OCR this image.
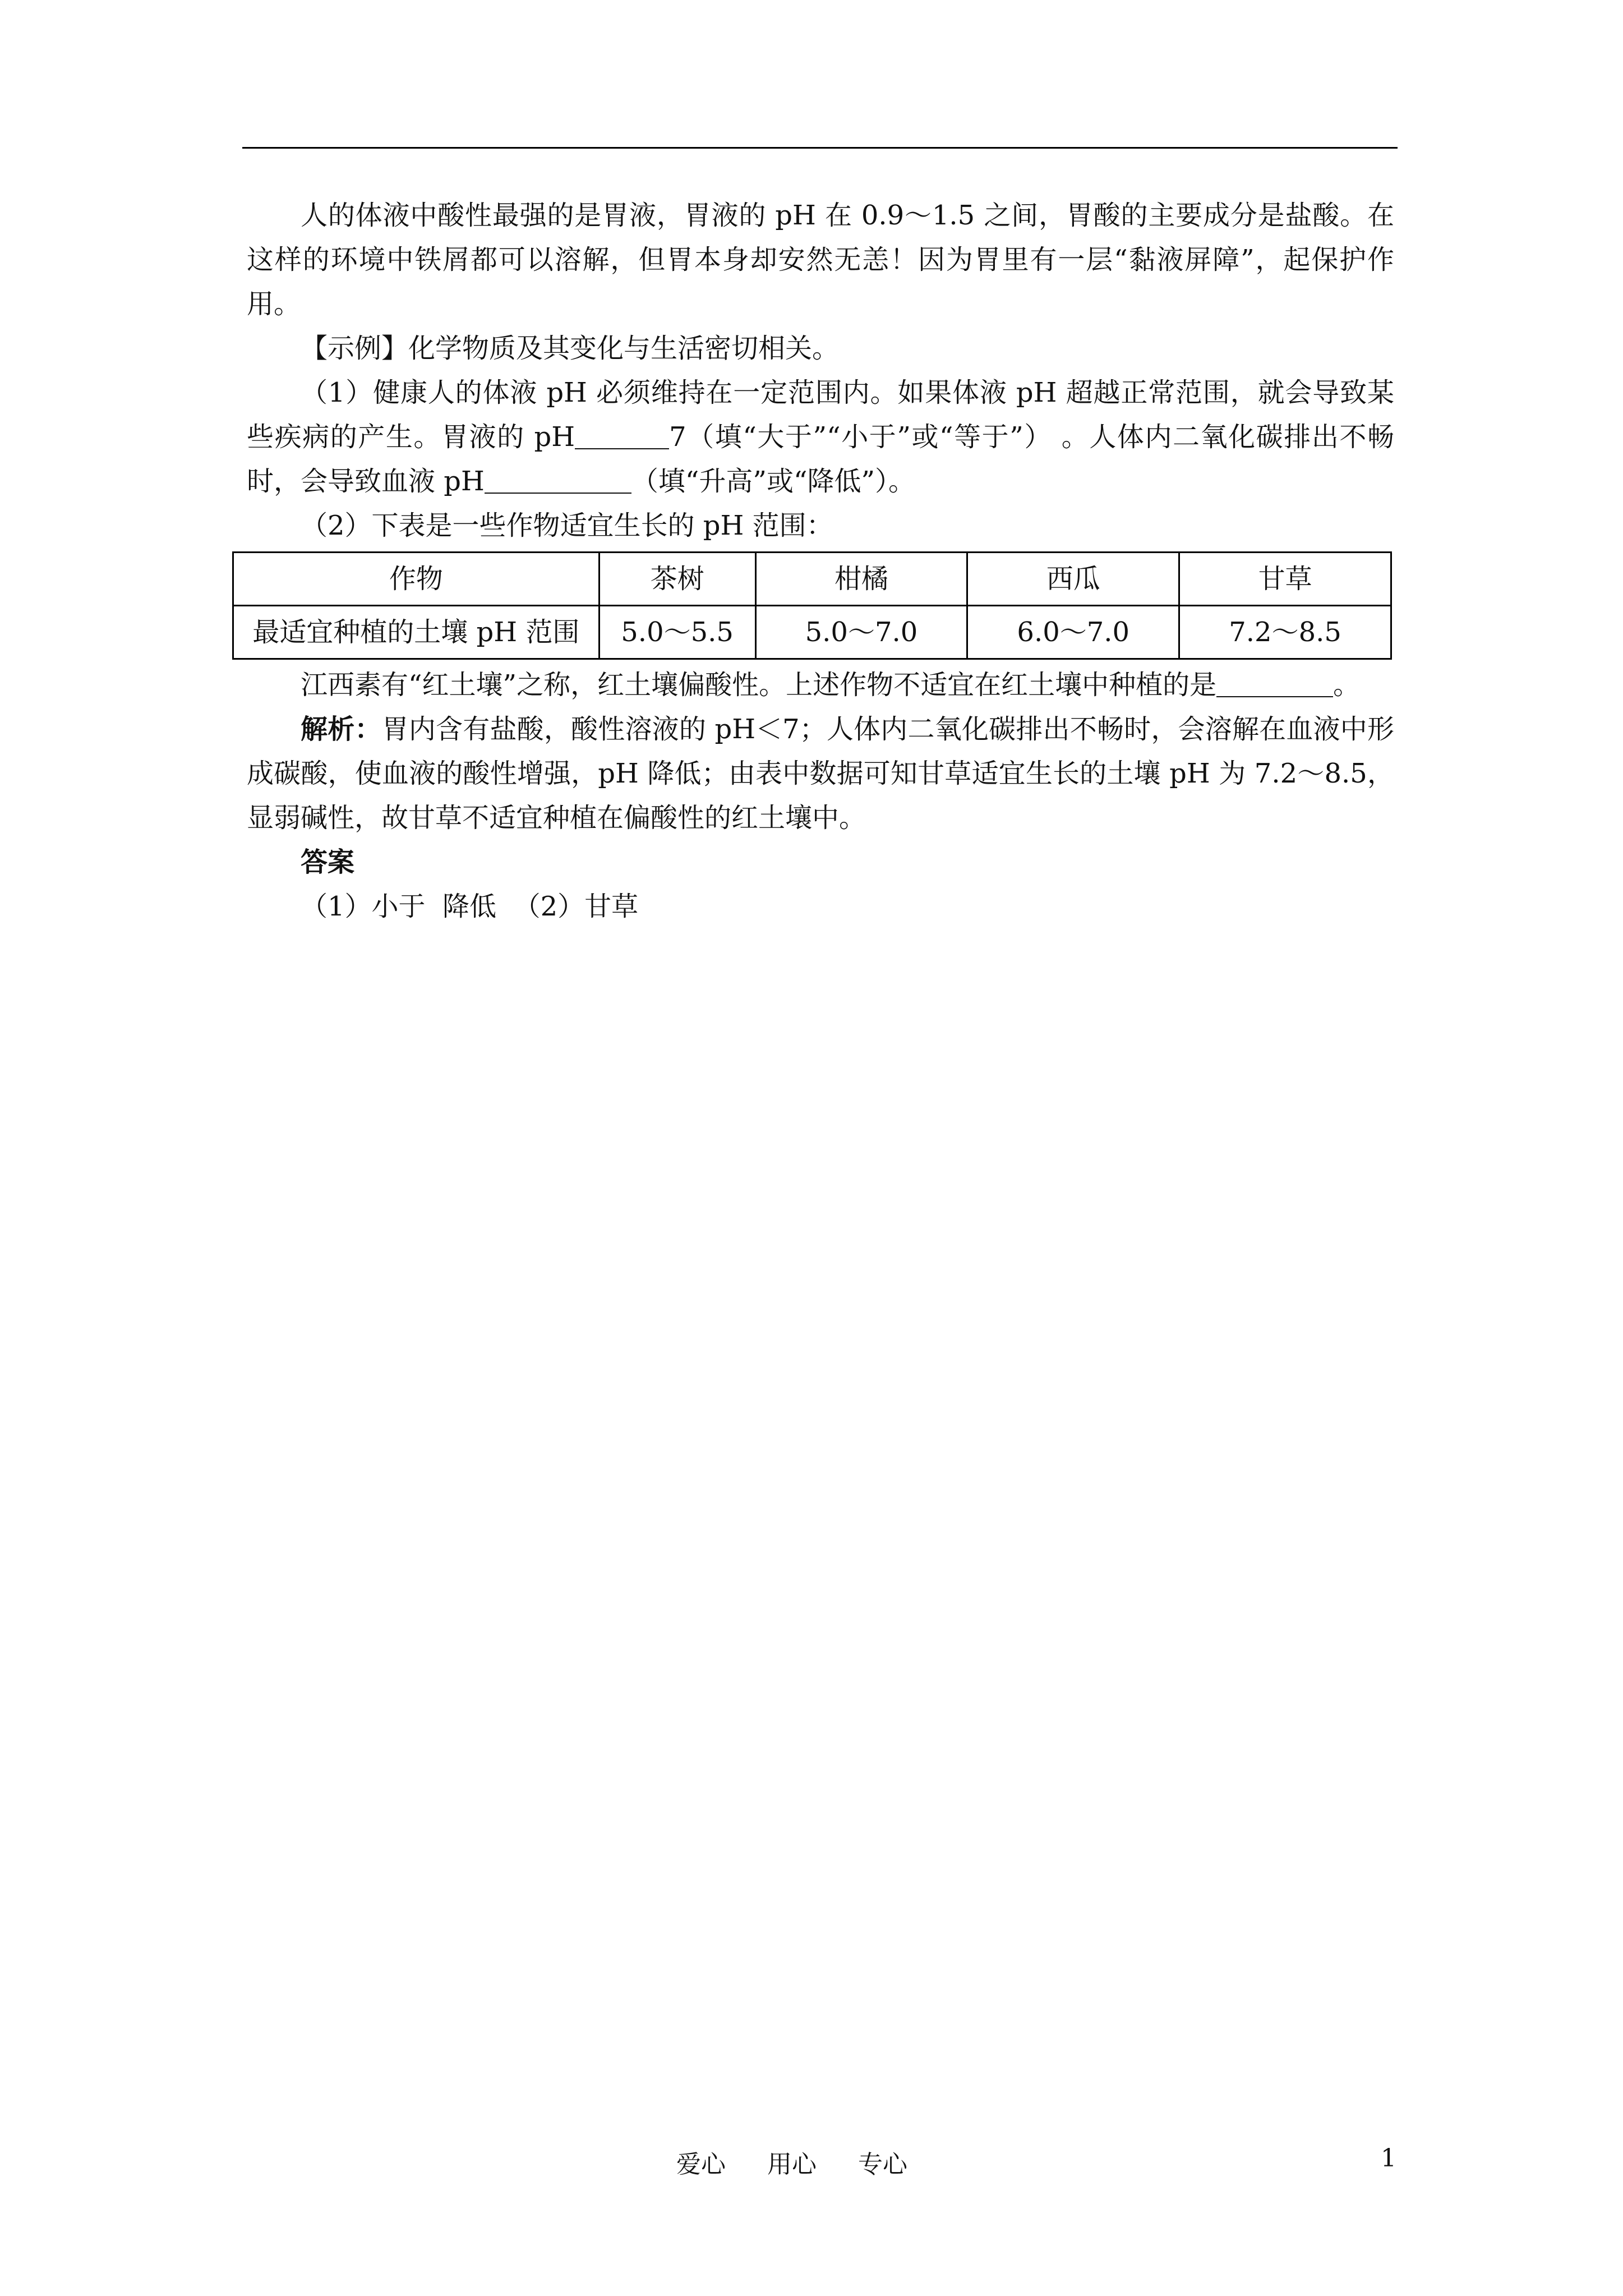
人的体液中酸性最强的是胃液，胃液的 pH 在 0.9～1.5 之间，胃酸的主要成分是盐酸。在这样的环境中铁屑都可以溶解，但胃本身却安然无恙！因为胃里有一层“黏液屏障”，起保护作用。

【示例】化学物质及其变化与生活密切相关。

（1）健康人的体液 pH 必须维持在一定范围内。如果体液 pH 超越正常范围，就会导致某些疾病的产生。胃液的 pH	7（填“大于”“小于”或“等于”） 。人体内二氧化碳排出不畅时，会导致血液 pH	（填“升高”或“降低”）。

（2）下表是一些作物适宜生长的 pH 范围：

作物	茶树	柑橘	西瓜	甘草
最适宜种植的土壤 pH 范围	5.0～5.5	5.0～7.0	6.0～7.0	7.2～8.5

江西素有“红土壤”之称，红土壤偏酸性。上述作物不适宜在红土壤中种植的是	。

解析：胃内含有盐酸，酸性溶液的 pH＜7；人体内二氧化碳排出不畅时，会溶解在血液中形成碳酸，使血液的酸性增强，pH 降低；由表中数据可知甘草适宜生长的土壤 pH 为 7.2～8.5，显弱碱性，故甘草不适宜种植在偏酸性的红土壤中。

答案

（1）小于  降低  （2）甘草

爱心 用心 专心	1
